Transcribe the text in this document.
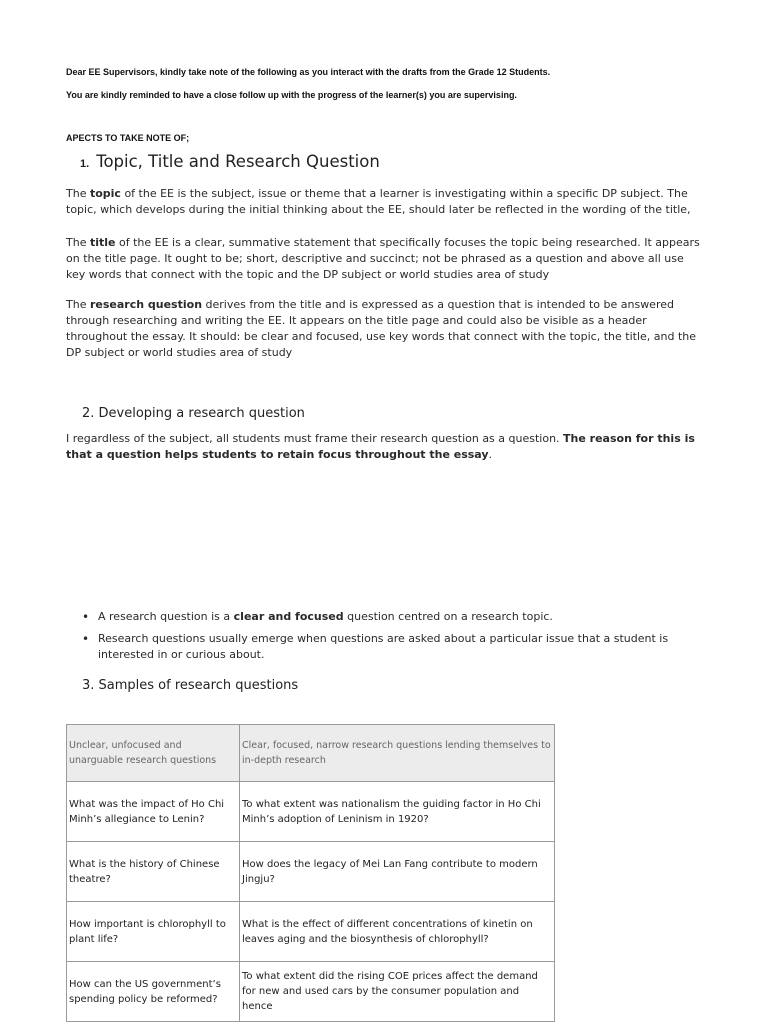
Dear EE Supervisors, kindly take note of the following as you interact with the drafts from the Grade 12 Students.
You are kindly reminded to have a close follow up with the progress of the learner(s) you are supervising.
APECTS TO TAKE NOTE OF;
1. Topic, Title and Research Question
The topic of the EE is the subject, issue or theme that a learner is investigating within a specific DP subject. The topic, which develops during the initial thinking about the EE, should later be reflected in the wording of the title,
The title of the EE is a clear, summative statement that specifically focuses the topic being researched. It appears on the title page. It ought to be; short, descriptive and succinct; not be phrased as a question and above all use key words that connect with the topic and the DP subject or world studies area of study
The research question derives from the title and is expressed as a question that is intended to be answered through researching and writing the EE. It appears on the title page and could also be visible as a header throughout the essay. It should: be clear and focused, use key words that connect with the topic, the title, and the DP subject or world studies area of study
2. Developing a research question
I regardless of the subject, all students must frame their research question as a question. The reason for this is that a question helps students to retain focus throughout the essay.
• A research question is a clear and focused question centred on a research topic.
• Research questions usually emerge when questions are asked about a particular issue that a student is interested in or curious about.
3. Samples of research questions
Unclear, unfocused and unarguable research questions	Clear, focused, narrow research questions lending themselves to in-depth research
What was the impact of Ho Chi Minh’s allegiance to Lenin?	To what extent was nationalism the guiding factor in Ho Chi Minh’s adoption of Leninism in 1920?
What is the history of Chinese theatre?	How does the legacy of Mei Lan Fang contribute to modern Jingju?
How important is chlorophyll to plant life?	What is the effect of different concentrations of kinetin on leaves aging and the biosynthesis of chlorophyll?
How can the US government’s spending policy be reformed?	To what extent did the rising COE prices affect the demand for new and used cars by the consumer population and hence
